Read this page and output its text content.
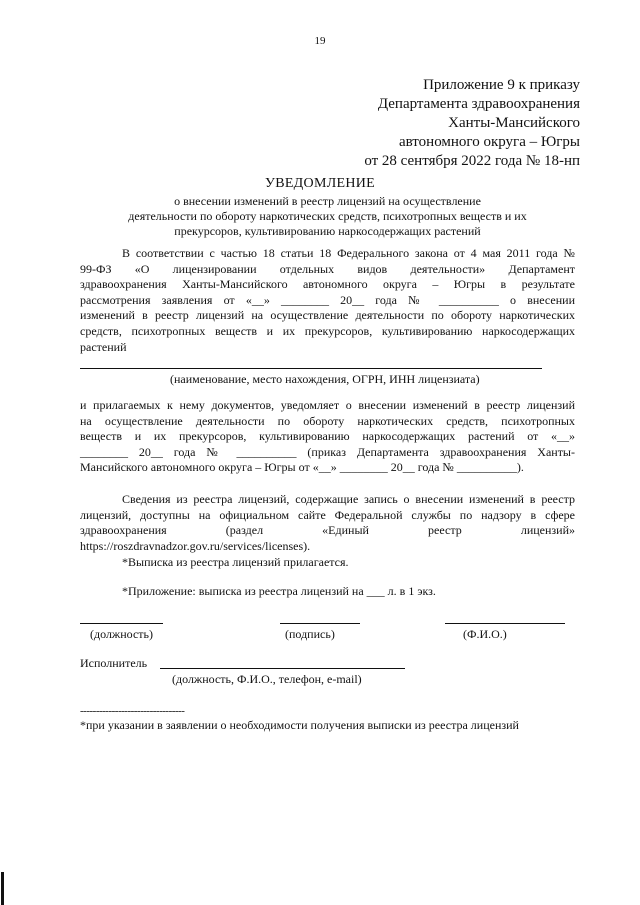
19
Приложение 9 к приказу
Департамента здравоохранения
Ханты-Мансийского
автономного округа – Югры
от 28 сентября 2022 года № 18-нп
УВЕДОМЛЕНИЕ
о внесении изменений в реестр лицензий на осуществление
деятельности по обороту наркотических средств, психотропных веществ и их
прекурсоров, культивированию наркосодержащих растений
В соответствии с частью 18 статьи 18 Федерального закона от 4 мая 2011 года №
99-ФЗ «О лицензировании отдельных видов деятельности» Департамент
здравоохранения Ханты-Мансийского автономного округа – Югры в результате
рассмотрения заявления от «__» ________ 20__ года № __________ о внесении
изменений в реестр лицензий на осуществление деятельности по обороту наркотических
средств, психотропных веществ и их прекурсоров, культивированию наркосодержащих
растений
(наименование, место нахождения, ОГРН, ИНН лицензиата)
и прилагаемых к нему документов, уведомляет о внесении изменений в реестр лицензий
на осуществление деятельности по обороту наркотических средств, психотропных
веществ и их прекурсоров, культивированию наркосодержащих растений от «__»
________ 20__ года № __________ (приказ Департамента здравоохранения Ханты-
Мансийского автономного округа – Югры от «__» ________ 20__ года № __________).
Сведения из реестра лицензий, содержащие запись о внесении изменений в реестр
лицензий, доступны на официальном сайте Федеральной службы по надзору в сфере
здравоохранения (раздел «Единый реестр лицензий»
https://roszdravnadzor.gov.ru/services/licenses).
*Выписка из реестра лицензий прилагается.
*Приложение: выписка из реестра лицензий на ___ л. в 1 экз.
(должность)	(подпись)	(Ф.И.О.)
Исполнитель
(должность, Ф.И.О., телефон, e-mail)
---------------------------------
*при указании в заявлении о необходимости получения выписки из реестра лицензий
